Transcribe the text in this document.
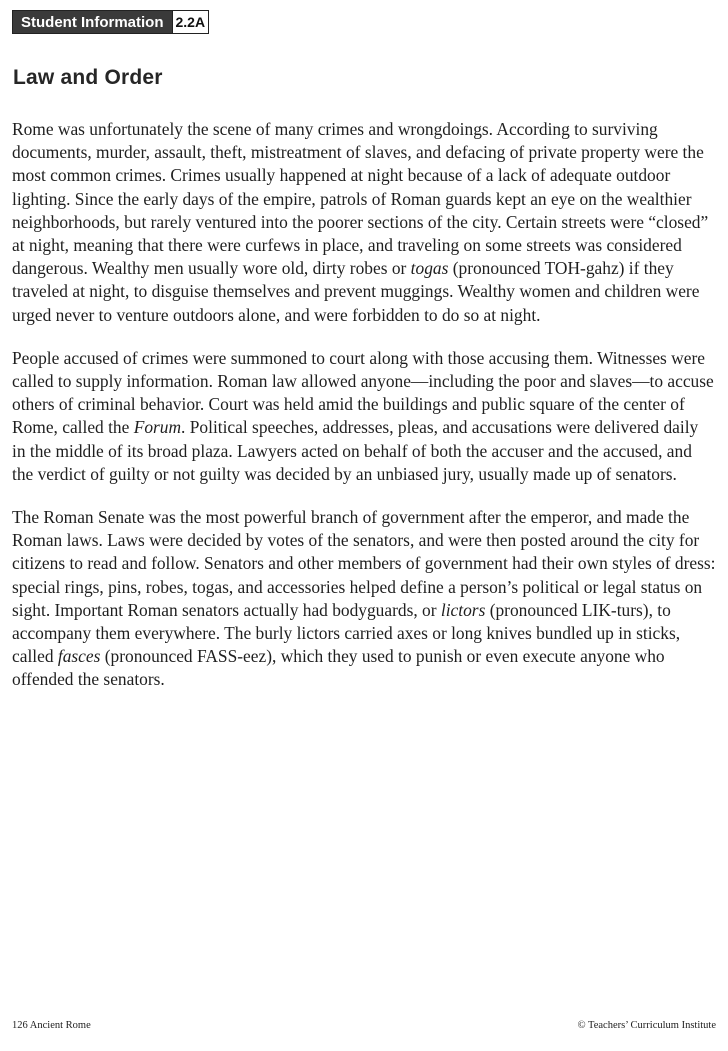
Student Information 2.2A
Law and Order

Rome was unfortunately the scene of many crimes and wrongdoings. According to surviving documents, murder, assault, theft, mistreatment of slaves, and defacing of private property were the most common crimes. Crimes usually happened at night because of a lack of adequate outdoor lighting. Since the early days of the empire, patrols of Roman guards kept an eye on the wealthier neighborhoods, but rarely ventured into the poorer sections of the city. Certain streets were “closed” at night, meaning that there were curfews in place, and traveling on some streets was considered dangerous. Wealthy men usually wore old, dirty robes or togas (pronounced TOH-gahz) if they traveled at night, to disguise themselves and prevent muggings. Wealthy women and children were urged never to venture outdoors alone, and were forbidden to do so at night.

People accused of crimes were summoned to court along with those accusing them. Witnesses were called to supply information. Roman law allowed anyone—including the poor and slaves—to accuse others of criminal behavior. Court was held amid the buildings and public square of the center of Rome, called the Forum. Political speeches, addresses, pleas, and accusations were delivered daily in the middle of its broad plaza. Lawyers acted on behalf of both the accuser and the accused, and the verdict of guilty or not guilty was decided by an unbiased jury, usually made up of senators.

The Roman Senate was the most powerful branch of government after the emperor, and made the Roman laws. Laws were decided by votes of the senators, and were then posted around the city for citizens to read and follow. Senators and other members of government had their own styles of dress: special rings, pins, robes, togas, and accessories helped define a person’s political or legal status on sight. Important Roman senators actually had bodyguards, or lictors (pronounced LIK-turs), to accompany them everywhere. The burly lictors carried axes or long knives bundled up in sticks, called fasces (pronounced FASS-eez), which they used to punish or even execute anyone who offended the senators.

126 Ancient Rome	© Teachers’ Curriculum Institute
